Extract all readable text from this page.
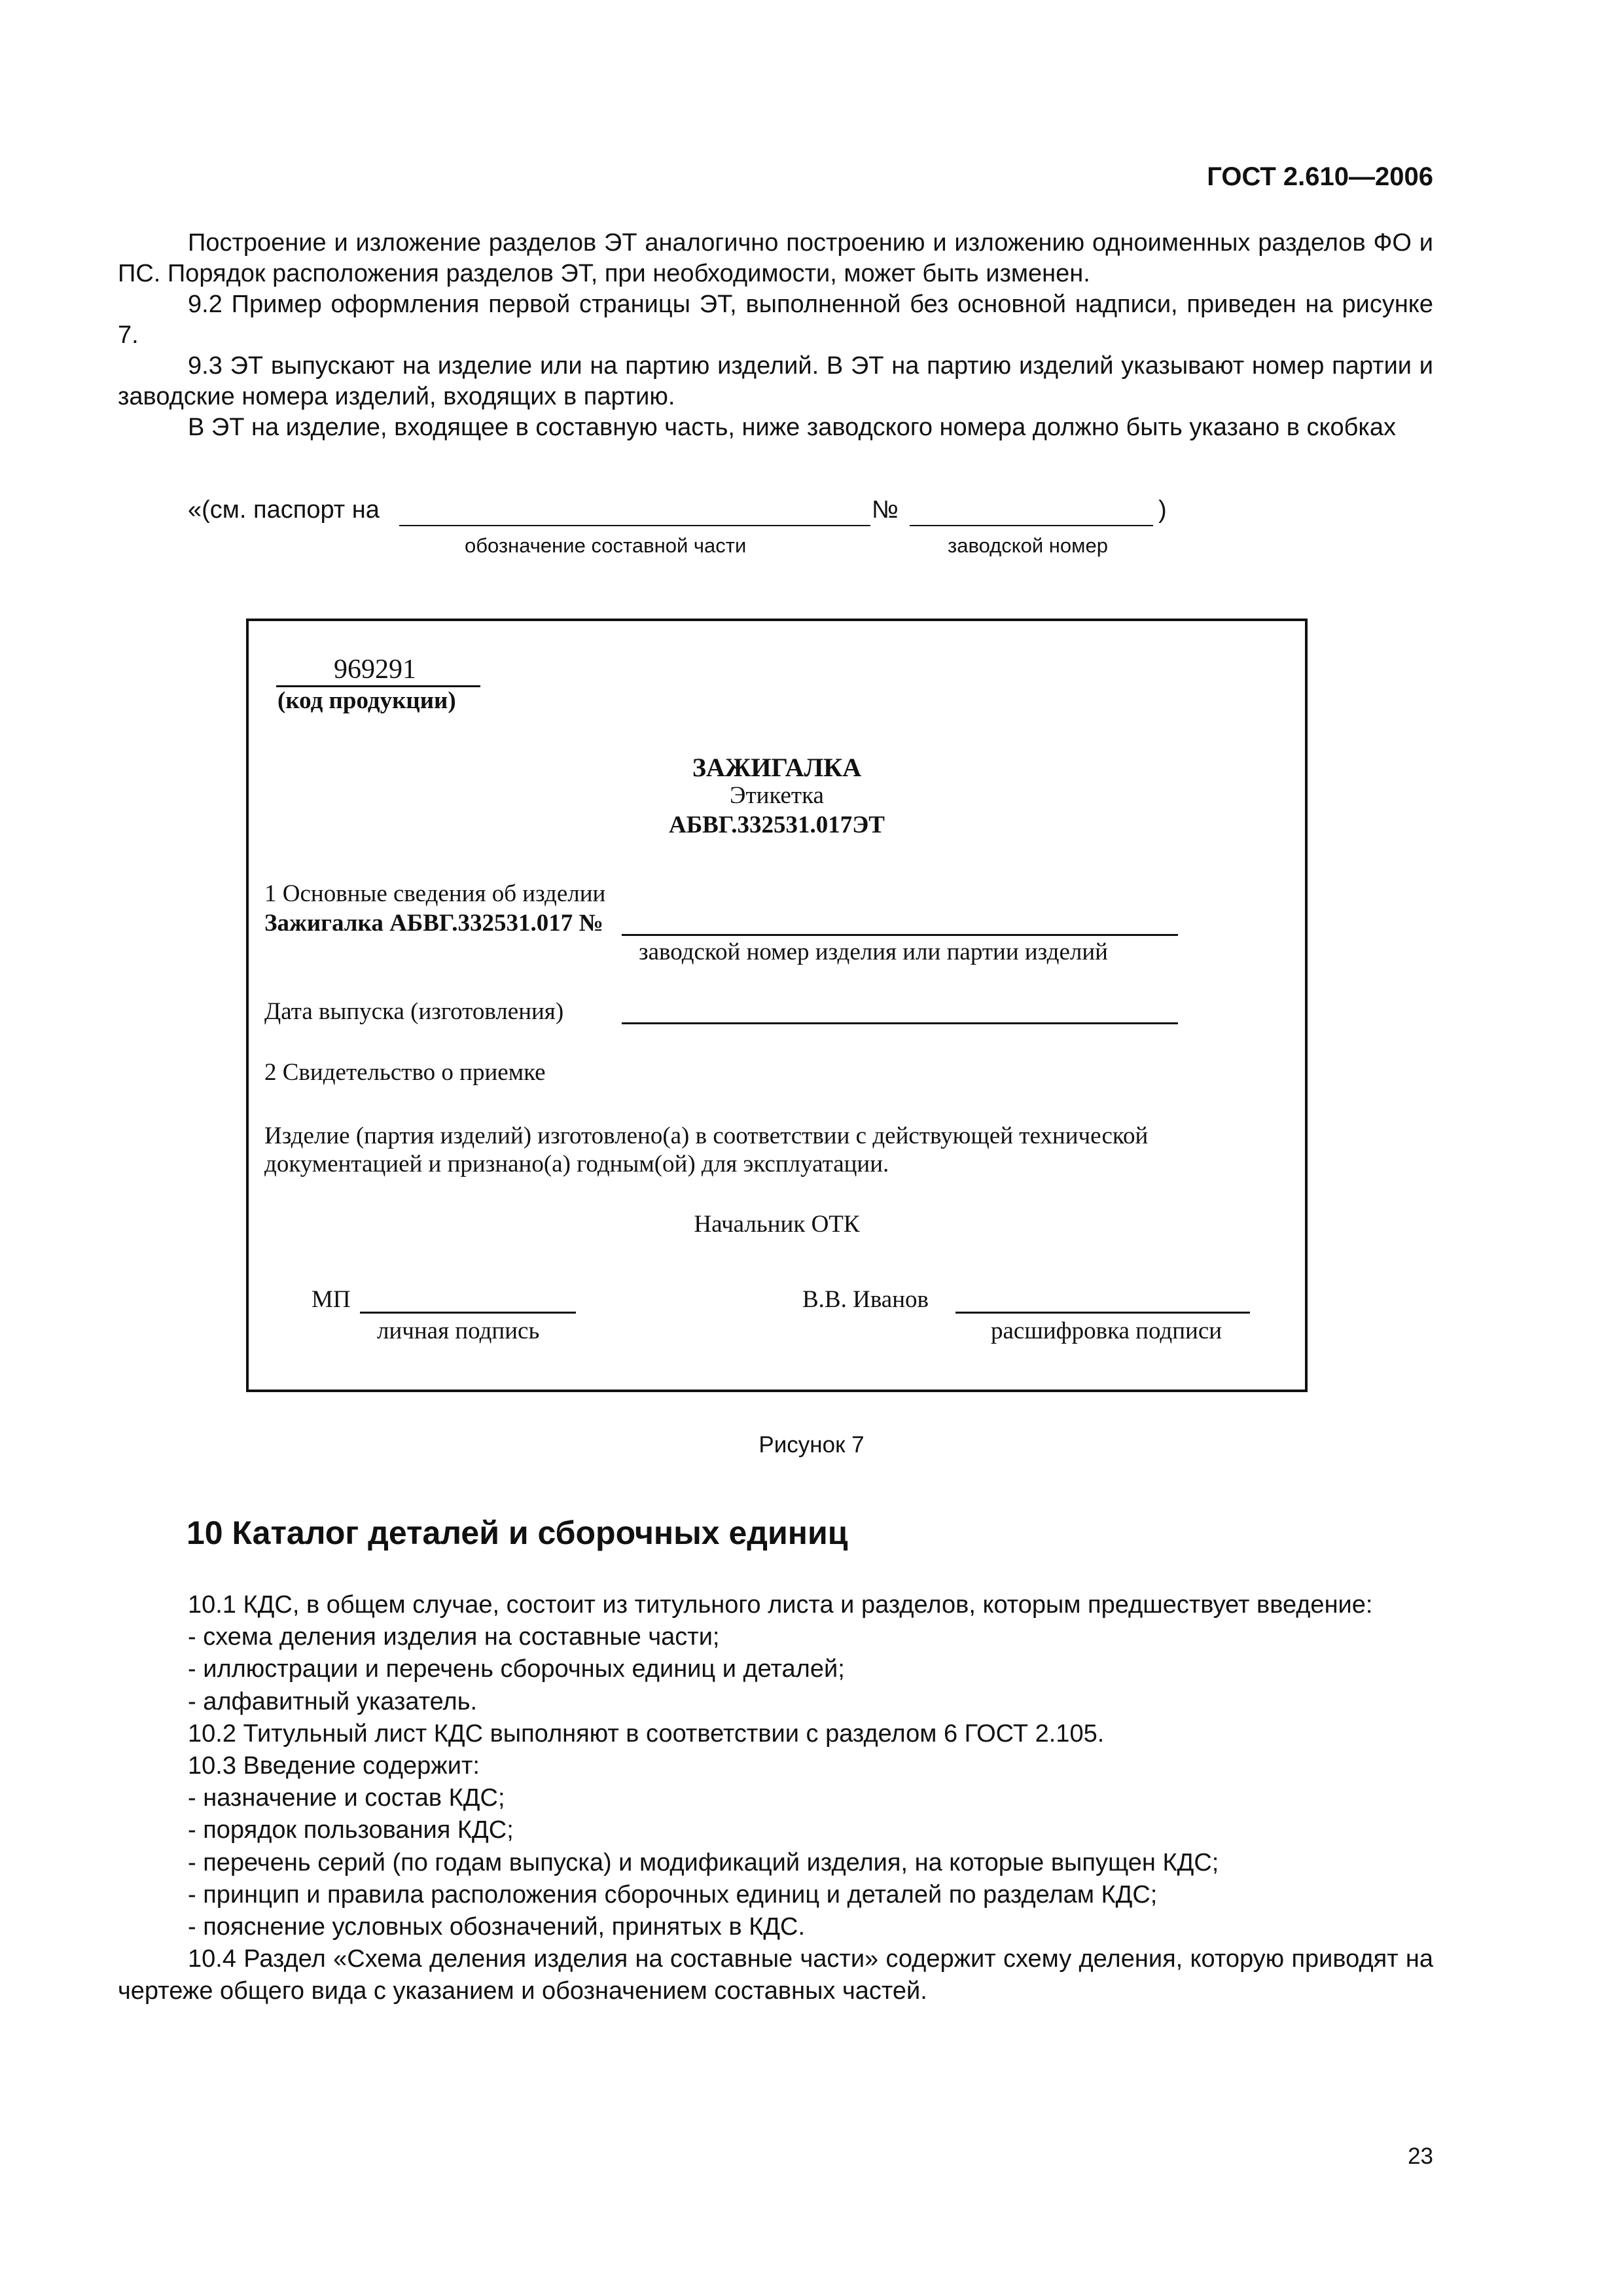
ГОСТ 2.610—2006

Построение и изложение разделов ЭТ аналогично построению и изложению одноименных разделов ФО и ПС. Порядок расположения разделов ЭТ, при необходимости, может быть изменен.

9.2 Пример оформления первой страницы ЭТ, выполненной без основной надписи, приведен на рисунке 7.

9.3 ЭТ выпускают на изделие или на партию изделий. В ЭТ на партию изделий указывают номер партии и заводские номера изделий, входящих в партию.

В ЭТ на изделие, входящее в составную часть, ниже заводского номера должно быть указано в скобках

«(см. паспорт на	№	)
обозначение составной части	заводской номер
969291
(код продукции)
ЗАЖИГАЛКА
Этикетка
АБВГ.332531.017ЭТ
1 Основные сведения об изделии
Зажигалка АБВГ.332531.017 №
заводской номер изделия или партии изделий
Дата выпуска (изготовления)
2 Свидетельство о приемке
Изделие (партия изделий) изготовлено(а) в соответствии с действующей технической
документацией и признано(а) годным(ой) для эксплуатации.
Начальник ОТК
МП
личная подпись
В.В. Иванов
расшифровка подписи
Рисунок 7
10 Каталог деталей и сборочных единиц

10.1 КДС, в общем случае, состоит из титульного листа и разделов, которым предшествует введение:

- схема деления изделия на составные части;

- иллюстрации и перечень сборочных единиц и деталей;

- алфавитный указатель.

10.2 Титульный лист КДС выполняют в соответствии с разделом 6 ГОСТ 2.105.

10.3 Введение содержит:

- назначение и состав КДС;

- порядок пользования КДС;

- перечень серий (по годам выпуска) и модификаций изделия, на которые выпущен КДС;

- принцип и правила расположения сборочных единиц и деталей по разделам КДС;

- пояснение условных обозначений, принятых в КДС.

10.4 Раздел «Схема деления изделия на составные части» содержит схему деления, которую приводят на чертеже общего вида с указанием и обозначением составных частей.

23
